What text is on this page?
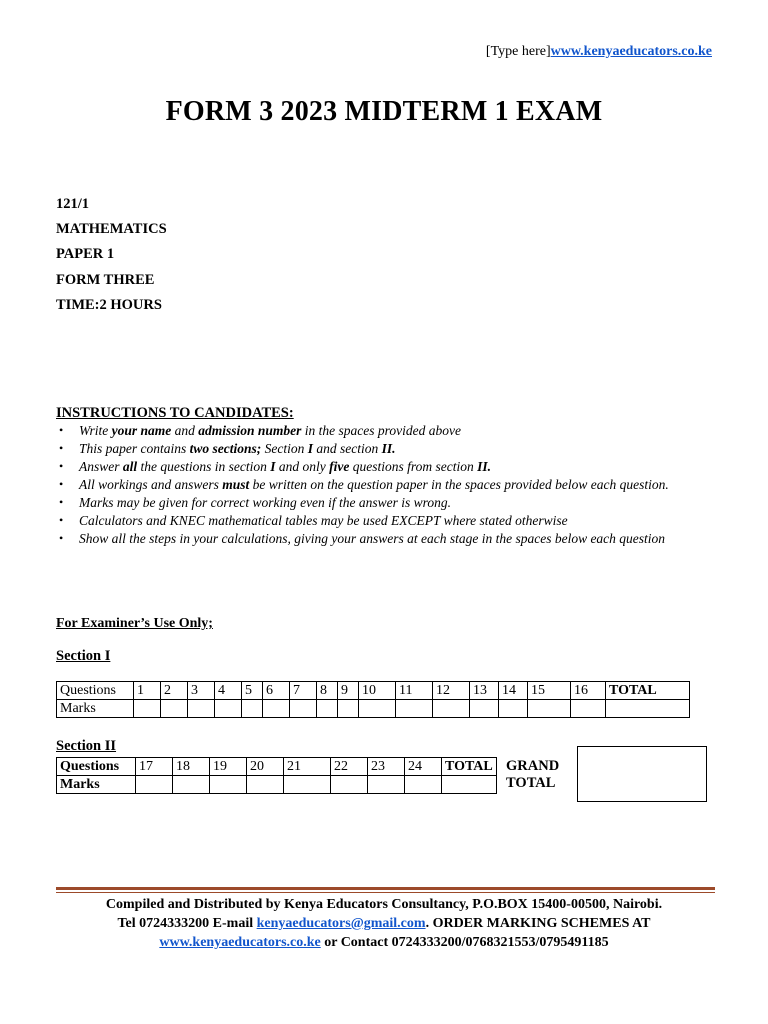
[Type here]www.kenyaeducators.co.ke
FORM 3 2023 MIDTERM 1 EXAM
121/1
MATHEMATICS
PAPER 1
FORM THREE
TIME:2 HOURS
INSTRUCTIONS TO CANDIDATES:
• Write your name and admission number in the spaces provided above
• This paper contains two sections; Section I and section II.
• Answer all the questions in section I and only five questions from section II.
• All workings and answers must be written on the question paper in the spaces provided below each question.
• Marks may be given for correct working even if the answer is wrong.
• Calculators and KNEC mathematical tables may be used EXCEPT where stated otherwise
• Show all the steps in your calculations, giving your answers at each stage in the spaces below each question
For Examiner’s Use Only;
Section I
Questions	1	2	3	4	5	6	7	8	9	10	11	12	13	14	15	16	TOTAL
Marks																	
Section II
Questions	17	18	19	20	21	22	23	24	TOTAL
Marks									
GRAND
TOTAL
Compiled and Distributed by Kenya Educators Consultancy, P.O.BOX 15400-00500, Nairobi.
Tel 0724333200 E-mail kenyaeducators@gmail.com. ORDER MARKING SCHEMES AT
www.kenyaeducators.co.ke or Contact 0724333200/0768321553/0795491185
